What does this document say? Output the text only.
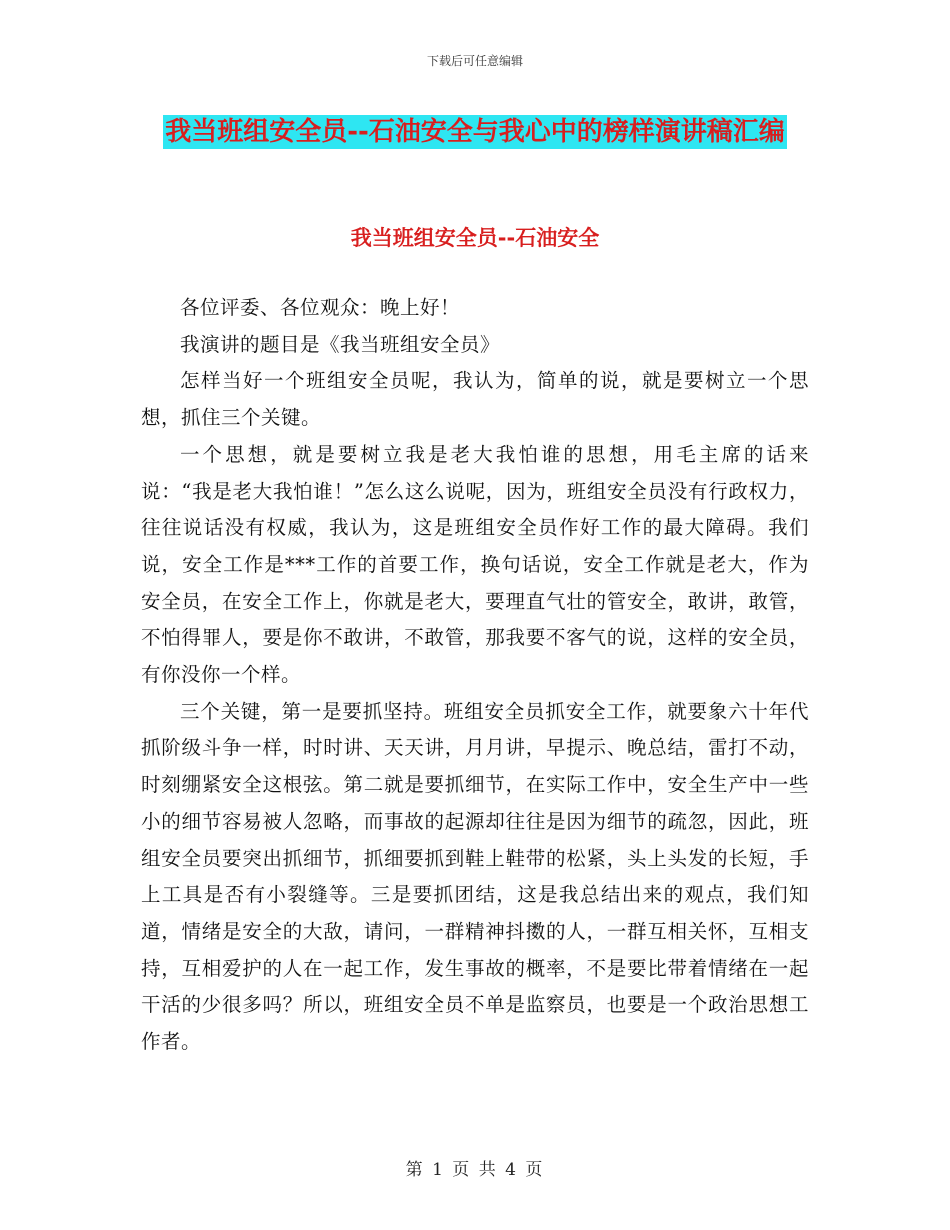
下载后可任意编辑
我当班组安全员--石油安全与我心中的榜样演讲稿汇编
我当班组安全员--石油安全

各位评委、各位观众：晚上好！

我演讲的题目是《我当班组安全员》

怎样当好一个班组安全员呢，我认为，简单的说，就是要树立一个思想，抓住三个关键。

一个思想，就是要树立我是老大我怕谁的思想，用毛主席的话来说：“我是老大我怕谁！”怎么这么说呢，因为，班组安全员没有行政权力，往往说话没有权威，我认为，这是班组安全员作好工作的最大障碍。我们说，安全工作是***工作的首要工作，换句话说，安全工作就是老大，作为安全员，在安全工作上，你就是老大，要理直气壮的管安全，敢讲，敢管，不怕得罪人，要是你不敢讲，不敢管，那我要不客气的说，这样的安全员，有你没你一个样。

三个关键，第一是要抓坚持。班组安全员抓安全工作，就要象六十年代抓阶级斗争一样，时时讲、天天讲，月月讲，早提示、晚总结，雷打不动，时刻绷紧安全这根弦。第二就是要抓细节，在实际工作中，安全生产中一些小的细节容易被人忽略，而事故的起源却往往是因为细节的疏忽，因此，班组安全员要突出抓细节，抓细要抓到鞋上鞋带的松紧，头上头发的长短，手上工具是否有小裂缝等。三是要抓团结，这是我总结出来的观点，我们知道，情绪是安全的大敌，请问，一群精神抖擞的人，一群互相关怀，互相支持，互相爱护的人在一起工作，发生事故的概率，不是要比带着情绪在一起干活的少很多吗？所以，班组安全员不单是监察员，也要是一个政治思想工作者。

第 1 页 共 4 页
